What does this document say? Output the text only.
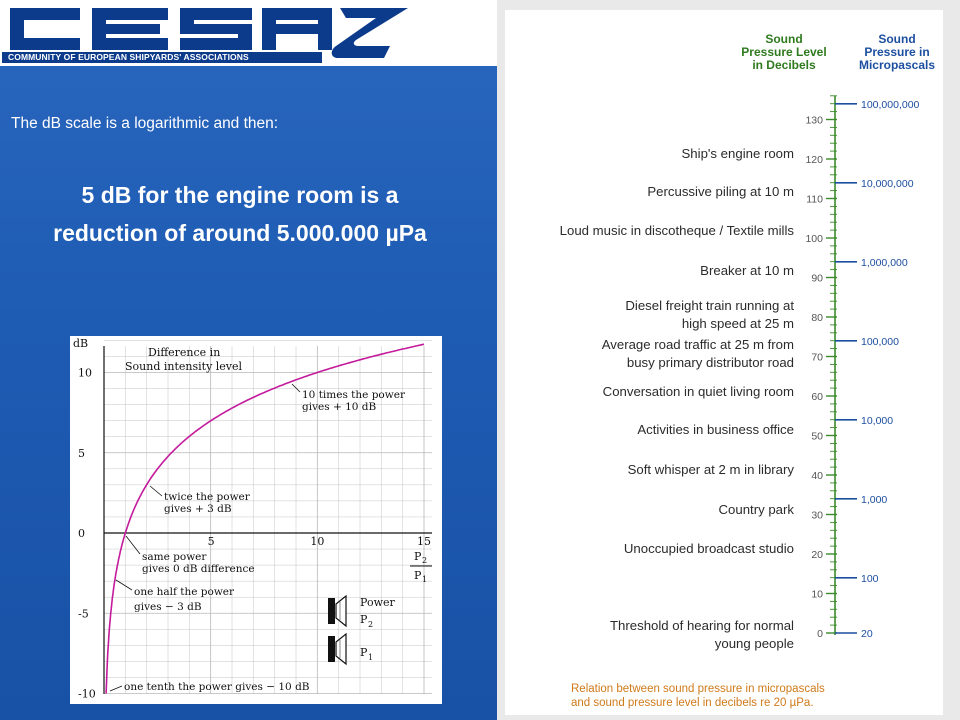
COMMUNITY OF EUROPEAN SHIPYARDS' ASSOCIATIONS
The dB scale is a logarithmic and then:
5 dB for the engine room is a
reduction of around 5.000.000 µPa
dB
Difference in
Sound intensity level
10
5
0
-5
-10
5	10	15
P 2
P 1
10 times the power
gives + 10 dB
twice the power
gives + 3 dB
same power
gives 0 dB difference
one half the power
gives − 3 dB
one tenth the power gives − 10 dB
Power
P 2
P 1
Sound
Pressure Level
in Decibels
Sound
Pressure in
Micropascals
0
10
20
30
40
50
60
70
80
90
100
110
120
130
20
100
1,000
10,000
100,000
1,000,000
10,000,000
100,000,000
Ship's engine room
Percussive piling at 10 m
Loud music in discotheque / Textile mills
Breaker at 10 m
Diesel freight train running at
high speed at 25 m
Average road traffic at 25 m from
busy primary distributor road
Conversation in quiet living room
Activities in business office
Soft whisper at 2 m in library
Country park
Unoccupied broadcast studio
Threshold of hearing for normal
young people
Relation between sound pressure in micropascals
and sound pressure level in decibels re 20 µPa.
